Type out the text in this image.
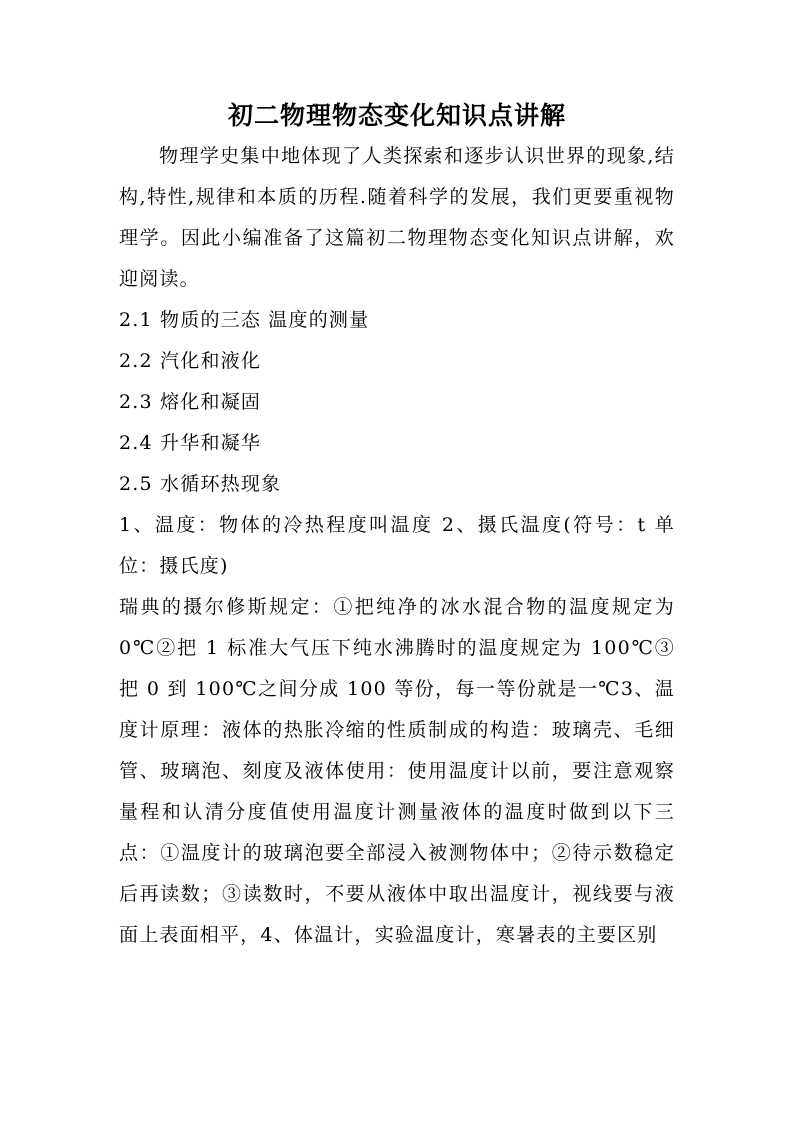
初二物理物态变化知识点讲解

物理学史集中地体现了人类探索和逐步认识世界的现象,结构,特性,规律和本质的历程.随着科学的发展，我们更要重视物理学。因此小编准备了这篇初二物理物态变化知识点讲解，欢迎阅读。

2.1 物质的三态 温度的测量

2.2 汽化和液化

2.3 熔化和凝固

2.4 升华和凝华

2.5 水循环热现象

1、温度：物体的冷热程度叫温度 2、摄氏温度(符号：t 单位：摄氏度)

瑞典的摄尔修斯规定：①把纯净的冰水混合物的温度规定为 0℃②把 1 标准大气压下纯水沸腾时的温度规定为 100℃③把 0 到 100℃之间分成 100 等份，每一等份就是一℃3、温度计原理：液体的热胀冷缩的性质制成的构造：玻璃壳、毛细管、玻璃泡、刻度及液体使用：使用温度计以前，要注意观察量程和认清分度值使用温度计测量液体的温度时做到以下三点：①温度计的玻璃泡要全部浸入被测物体中；②待示数稳定后再读数；③读数时，不要从液体中取出温度计，视线要与液面上表面相平，4、体温计，实验温度计，寒暑表的主要区别
